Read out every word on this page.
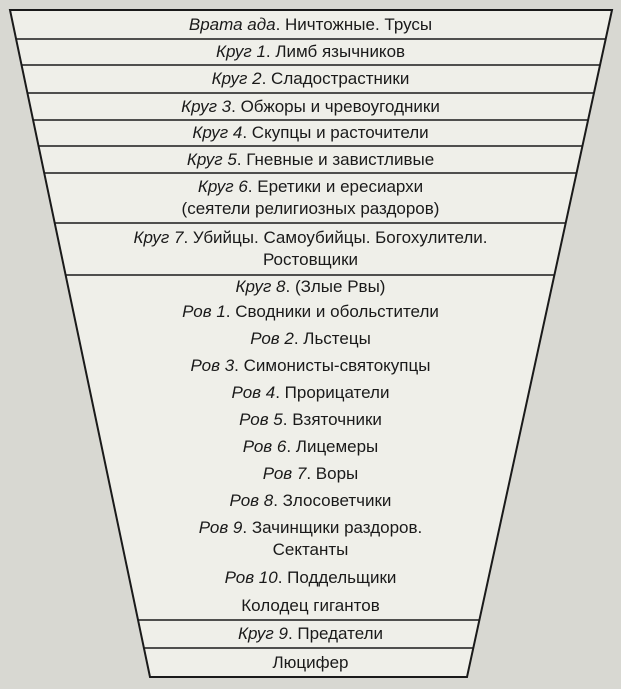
Врата ада. Ничтожные. Трусы
Круг 1. Лимб язычников
Круг 2. Сладострастники
Круг 3. Обжоры и чревоугодники
Круг 4. Скупцы и расточители
Круг 5. Гневные и завистливые
Круг 6. Еретики и ересиархи
(сеятели религиозных раздоров)
Круг 7. Убийцы. Самоубийцы. Богохулители.
Ростовщики
Круг 8. (Злые Рвы)
Ров 1. Сводники и обольстители
Ров 2. Льстецы
Ров 3. Симонисты-святокупцы
Ров 4. Прорицатели
Ров 5. Взяточники
Ров 6. Лицемеры
Ров 7. Воры
Ров 8. Злосоветчики
Ров 9. Зачинщики раздоров.
Сектанты
Ров 10. Поддельщики
Колодец гигантов
Круг 9. Предатели
Люцифер
